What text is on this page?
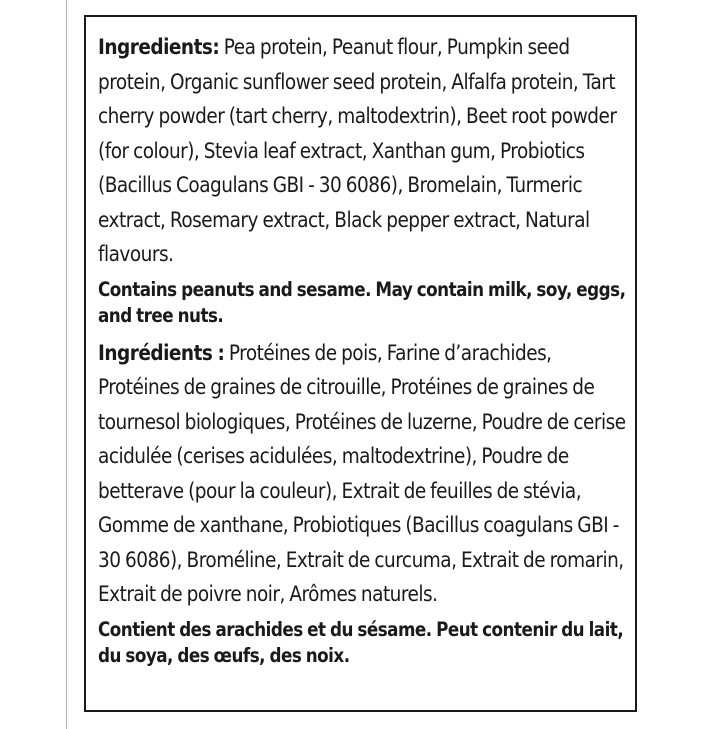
Ingredients: Pea protein, Peanut flour, Pumpkin seed protein, Organic sunflower seed protein, Alfalfa protein, Tart cherry powder (tart cherry, maltodextrin), Beet root powder (for colour), Stevia leaf extract, Xanthan gum, Probiotics (Bacillus Coagulans GBI - 30 6086), Bromelain, Turmeric extract, Rosemary extract, Black pepper extract, Natural flavours.

Contains peanuts and sesame. May contain milk, soy, eggs, and tree nuts.

Ingrédients : Protéines de pois, Farine d’arachides, Protéines de graines de citrouille, Protéines de graines de tournesol biologiques, Protéines de luzerne, Poudre de cerise acidulée (cerises acidulées, maltodextrine), Poudre de betterave (pour la couleur), Extrait de feuilles de stévia, Gomme de xanthane, Probiotiques (Bacillus coagulans GBI - 30 6086), Broméline, Extrait de curcuma, Extrait de romarin, Extrait de poivre noir, Arômes naturels.

Contient des arachides et du sésame. Peut contenir du lait, du soya, des œufs, des noix.
